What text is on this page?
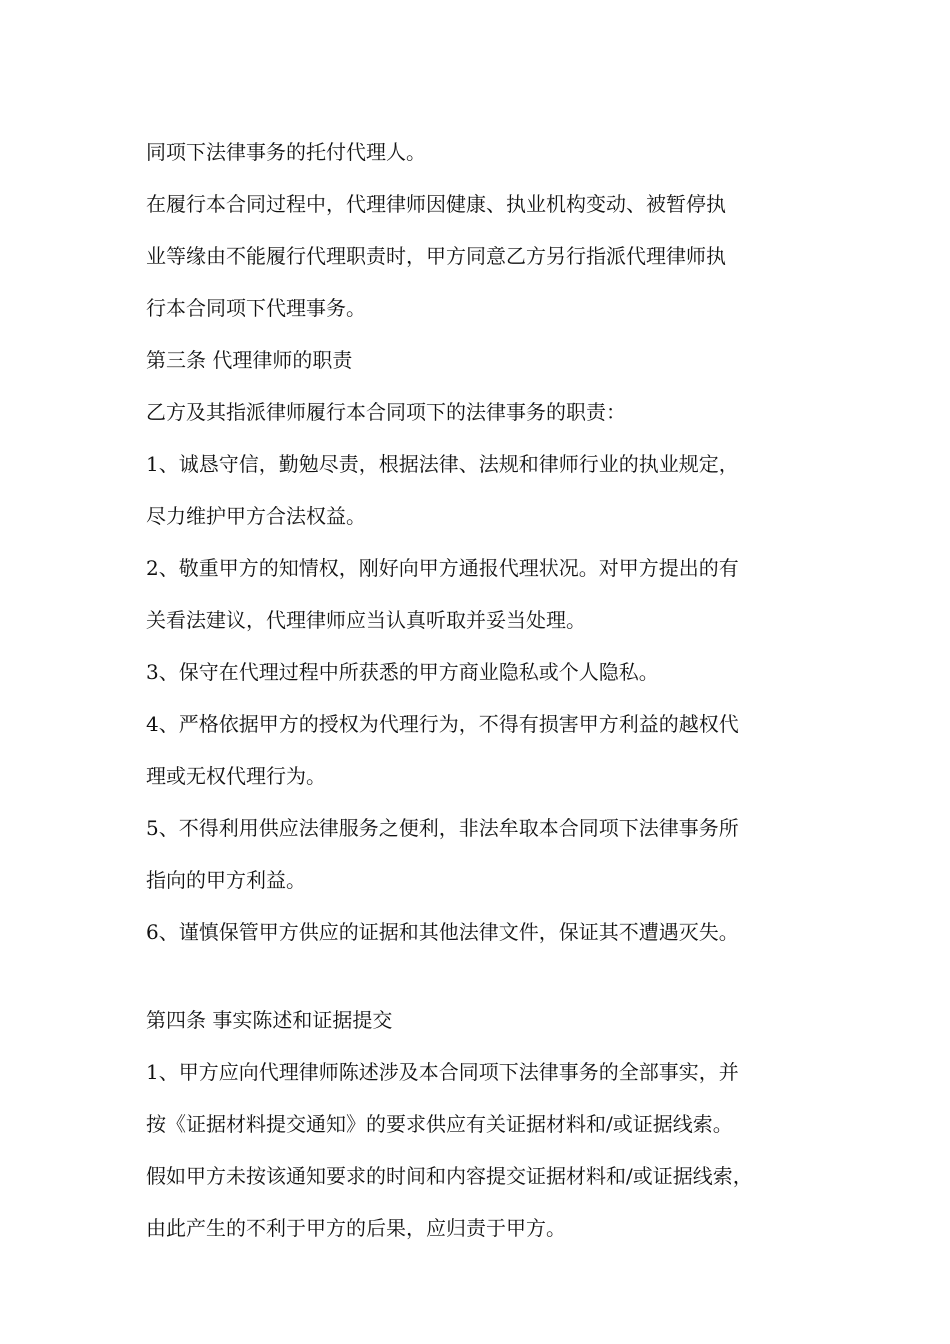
同项下法律事务的托付代理人。
在履行本合同过程中，代理律师因健康、执业机构变动、被暂停执
业等缘由不能履行代理职责时，甲方同意乙方另行指派代理律师执
行本合同项下代理事务。
第三条 代理律师的职责
乙方及其指派律师履行本合同项下的法律事务的职责：
1、诚恳守信，勤勉尽责，根据法律、法规和律师行业的执业规定，
尽力维护甲方合法权益。
2、敬重甲方的知情权，刚好向甲方通报代理状况。对甲方提出的有
关看法建议，代理律师应当认真听取并妥当处理。
3、保守在代理过程中所获悉的甲方商业隐私或个人隐私。
4、严格依据甲方的授权为代理行为，不得有损害甲方利益的越权代
理或无权代理行为。
5、不得利用供应法律服务之便利，非法牟取本合同项下法律事务所
指向的甲方利益。
6、谨慎保管甲方供应的证据和其他法律文件，保证其不遭遇灭失。
第四条 事实陈述和证据提交
1、甲方应向代理律师陈述涉及本合同项下法律事务的全部事实，并
按《证据材料提交通知》的要求供应有关证据材料和/或证据线索。
假如甲方未按该通知要求的时间和内容提交证据材料和/或证据线索，
由此产生的不利于甲方的后果，应归责于甲方。
